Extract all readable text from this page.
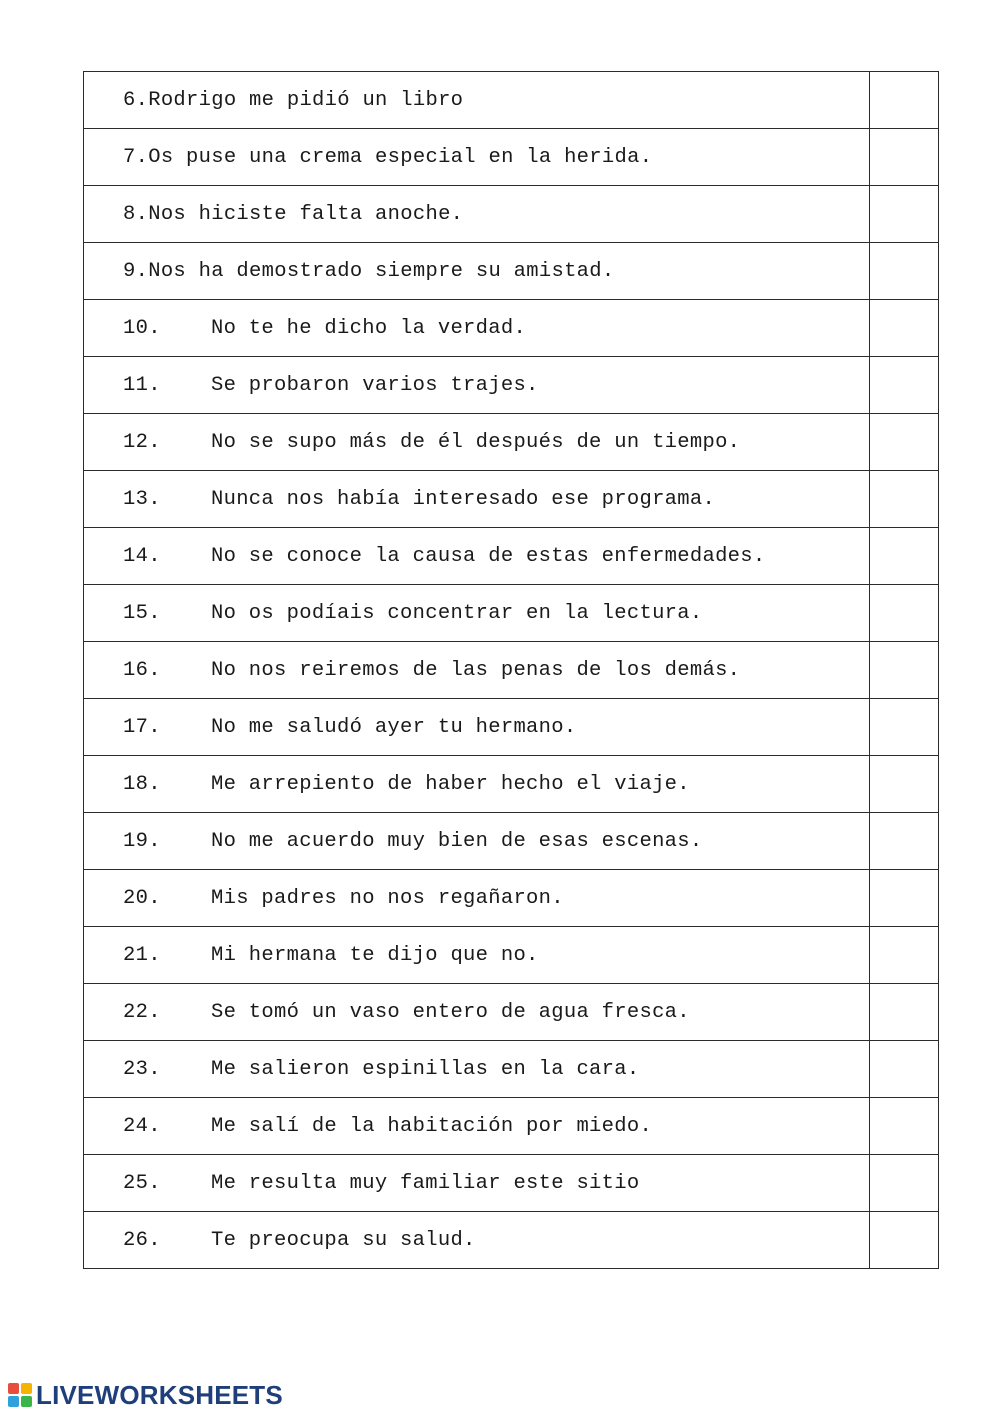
6. Rodrigo me pidió un libro	

7. Os puse una crema especial en la herida.	

8. Nos hiciste falta anoche.	

9. Nos ha demostrado siempre su amistad.	

10. No te he dicho la verdad.	

11. Se probaron varios trajes.	

12. No se supo más de él después de un tiempo.	

13. Nunca nos había interesado ese programa.	

14. No se conoce la causa de estas enfermedades.	

15. No os podíais concentrar en la lectura.	

16. No nos reiremos de las penas de los demás.	

17. No me saludó ayer tu hermano.	

18. Me arrepiento de haber hecho el viaje.	

19. No me acuerdo muy bien de esas escenas.	

20. Mis padres no nos regañaron.	

21. Mi hermana te dijo que no.	

22. Se tomó un vaso entero de agua fresca.	

23. Me salieron espinillas en la cara.	

24. Me salí de la habitación por miedo.	

25. Me resulta muy familiar este sitio	

26. Te preocupa su salud.	

LIVEWORKSHEETS
